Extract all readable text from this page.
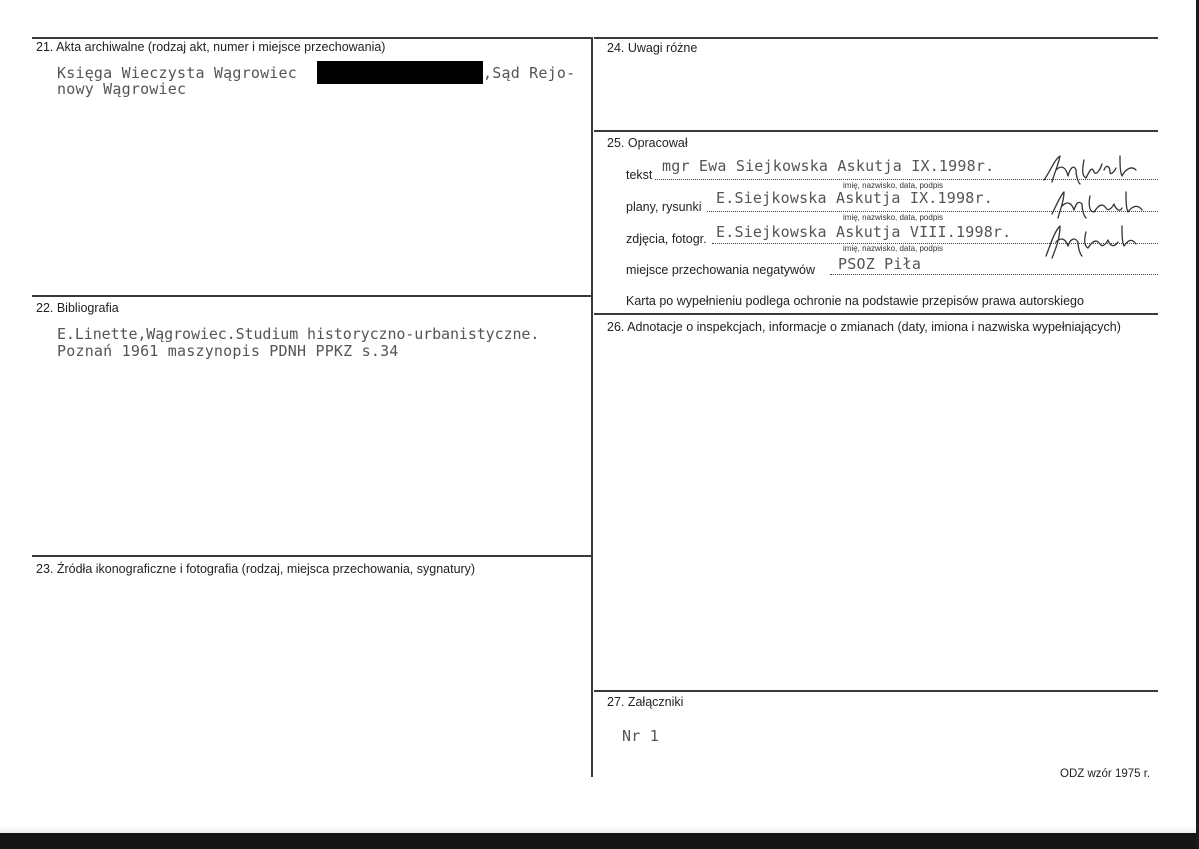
21. Akta archiwalne (rodzaj akt, numer i miejsce przechowania)
Księga Wieczysta Wągrowiec	,Sąd Rejo-
nowy Wągrowiec
22. Bibliografia
E.Linette,Wągrowiec.Studium historyczno-urbanistyczne.
Poznań 1961 maszynopis PDNH PPKZ s.34
23. Źródła ikonograficzne i fotografia (rodzaj, miejsca przechowania, sygnatury)
24. Uwagi różne
25. Opracował
tekst mgr Ewa Siejkowska Askutja IX.1998r.
imię, nazwisko, data, podpis
plany, rysunki E.Siejkowska Askutja IX.1998r.
imię, nazwisko, data, podpis
zdjęcia, fotogr. E.Siejkowska Askutja VIII.1998r.
imię, nazwisko, data, podpis
miejsce przechowania negatywów PSOZ Piła
Karta po wypełnieniu podlega ochronie na podstawie przepisów prawa autorskiego
26. Adnotacje o inspekcjach, informacje o zmianach (daty, imiona i nazwiska wypełniających)
27. Załączniki
Nr 1
ODZ wzór 1975 r.
